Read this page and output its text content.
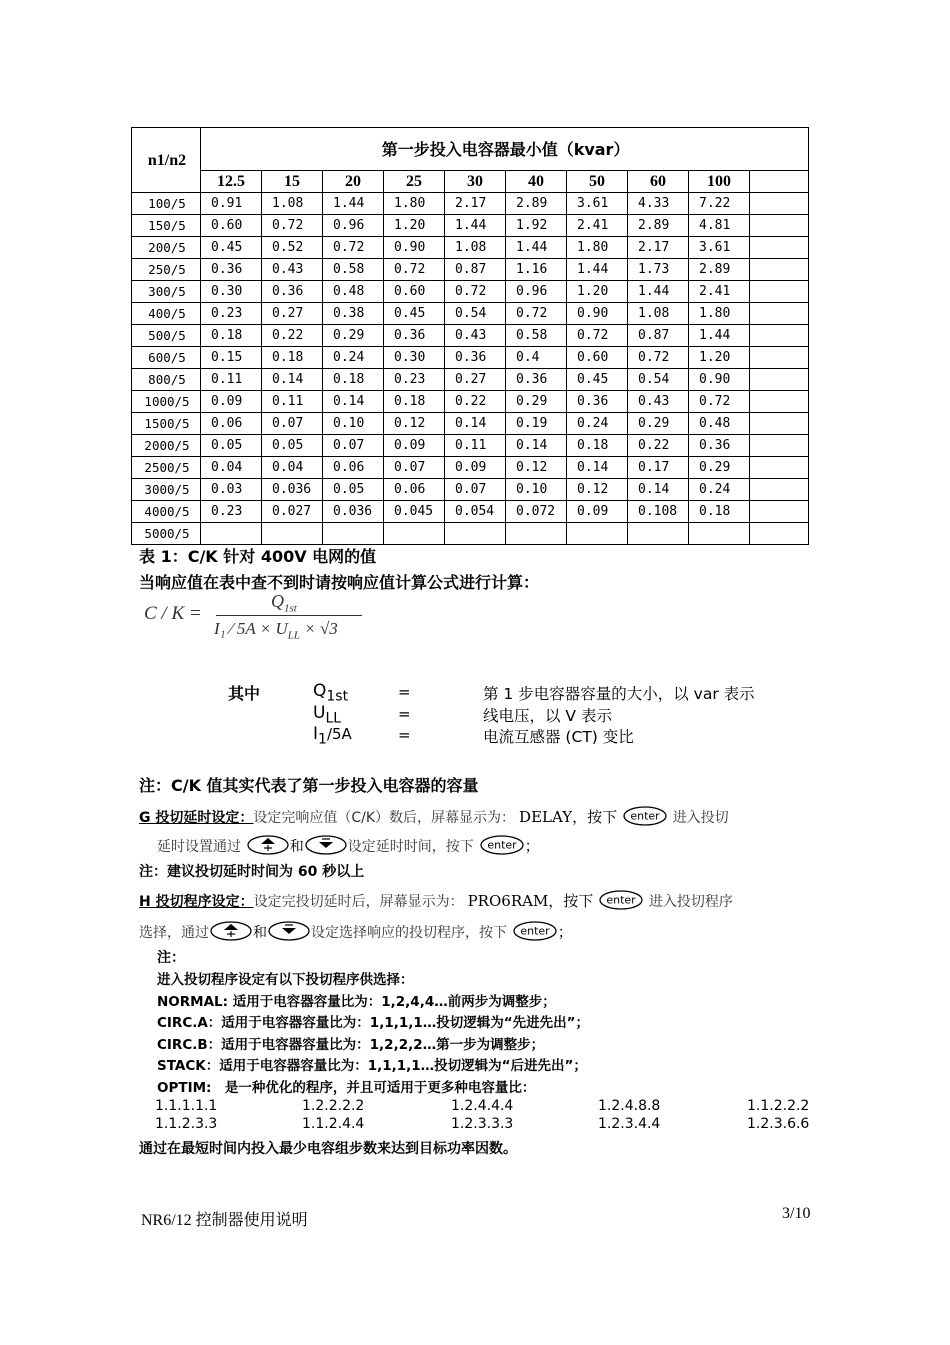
n1/n2	第一步投入电容器最小值（kvar）									
	12.5	15	20	25	30	40	50	60	100	
100/5	0.91	1.08	1.44	1.80	2.17	2.89	3.61	4.33	7.22	
150/5	0.60	0.72	0.96	1.20	1.44	1.92	2.41	2.89	4.81	
200/5	0.45	0.52	0.72	0.90	1.08	1.44	1.80	2.17	3.61	
250/5	0.36	0.43	0.58	0.72	0.87	1.16	1.44	1.73	2.89	
300/5	0.30	0.36	0.48	0.60	0.72	0.96	1.20	1.44	2.41	
400/5	0.23	0.27	0.38	0.45	0.54	0.72	0.90	1.08	1.80	
500/5	0.18	0.22	0.29	0.36	0.43	0.58	0.72	0.87	1.44	
600/5	0.15	0.18	0.24	0.30	0.36	0.4	0.60	0.72	1.20	
800/5	0.11	0.14	0.18	0.23	0.27	0.36	0.45	0.54	0.90	
1000/5	0.09	0.11	0.14	0.18	0.22	0.29	0.36	0.43	0.72	
1500/5	0.06	0.07	0.10	0.12	0.14	0.19	0.24	0.29	0.48	
2000/5	0.05	0.05	0.07	0.09	0.11	0.14	0.18	0.22	0.36	
2500/5	0.04	0.04	0.06	0.07	0.09	0.12	0.14	0.17	0.29	
3000/5	0.03	0.036	0.05	0.06	0.07	0.10	0.12	0.14	0.24	
4000/5	0.23	0.027	0.036	0.045	0.054	0.072	0.09	0.108	0.18	
5000/5										
表 1：C/K 针对 400V 电网的值
当响应值在表中查不到时请按响应值计算公式进行计算：
C / K =
$Q_{1st}$
I₁ ∕ $5A \times U_{LL} \times √3$
其中	$Q_{1st}$	=	第 1 步电容器容量的大小，以 var 表示
$U_{LL}$	=	线电压，以 V 表示
$I_1/5A$	=	电流互感器 (CT) 变比
注：C/K 值其实代表了第一步投入电容器的容量
G 投切延时设定：设定完响应值（C/K）数后，屏幕显示为： DELAY，按下 enter 进入投切
延时设置通过	和	设定延时时间，按下 enter ；
注：建议投切延时时间为 60 秒以上
H 投切程序设定：设定完投切延时后，屏幕显示为： PRO6RAM，按下 enter 进入投切程序
选择，通过	和	设定选择响应的投切程序，按下 enter ；
注：
进入投切程序设定有以下投切程序供选择：
NORMAL: 适用于电容器容量比为：1,2,4,4…前两步为调整步；
CIRC.A：适用于电容器容量比为：1,1,1,1…投切逻辑为“先进先出”；
CIRC.B：适用于电容器容量比为：1,2,2,2…第一步为调整步；
STACK：适用于电容器容量比为：1,1,1,1…投切逻辑为“后进先出”；
OPTIM:　是一种优化的程序，并且可适用于更多种电容量比：
1.1.1.1.1	1.2.2.2.2	1.2.4.4.4	1.2.4.8.8	1.1.2.2.2
1.1.2.3.3	1.1.2.4.4	1.2.3.3.3	1.2.3.4.4	1.2.3.6.6
通过在最短时间内投入最少电容组步数来达到目标功率因数。
NR6/12 控制器使用说明	3/10
